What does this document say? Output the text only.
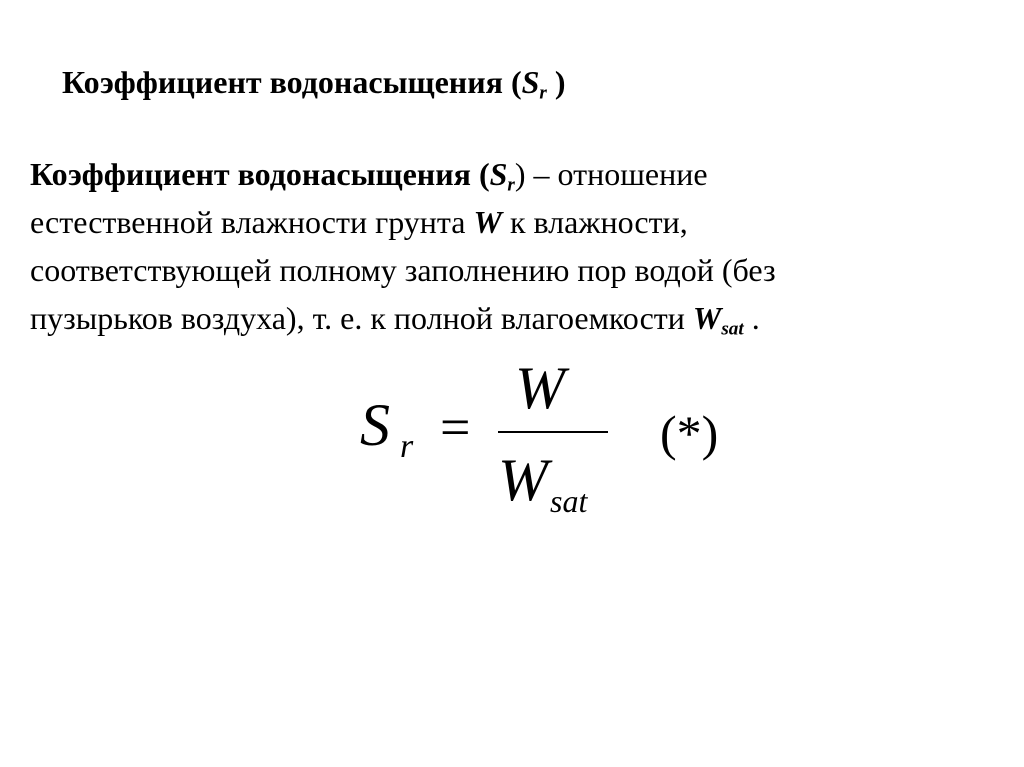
Коэффициент водонасыщения ($S_r$ )
Коэффициент водонасыщения $(S_r)$ – отношение
естественной влажности грунта W к влажности,
соответствующей полному заполнению пор водой (без
пузырьков воздуха), т. е. к полной влагоемкости $W_{sat}$ .
S r =
W
W sat
(*)
